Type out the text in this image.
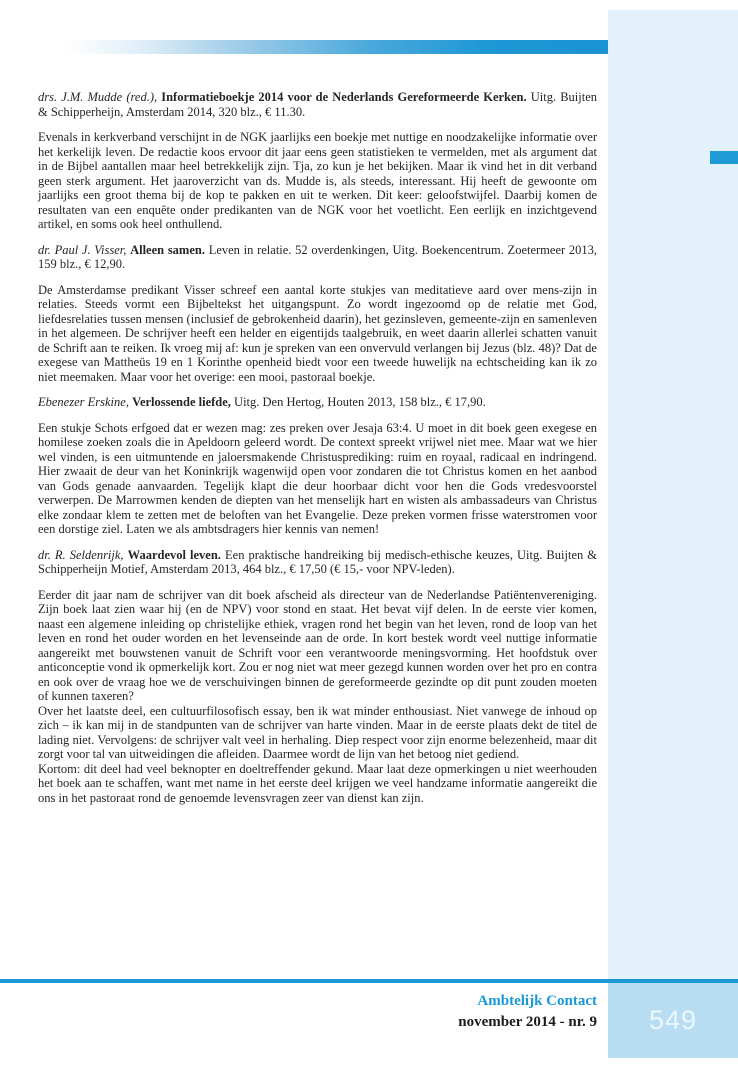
drs. J.M. Mudde (red.), Informatieboekje 2014 voor de Nederlands Gereformeerde Kerken. Uitg. Buijten & Schipperheijn, Amsterdam 2014, 320 blz., € 11.30.

Evenals in kerkverband verschijnt in de NGK jaarlijks een boekje met nuttige en noodzakelijke informatie over het kerkelijk leven. De redactie koos ervoor dit jaar eens geen statistieken te vermelden, met als argument dat in de Bijbel aantallen maar heel betrekkelijk zijn. Tja, zo kun je het bekijken. Maar ik vind het in dit verband geen sterk argument. Het jaaroverzicht van ds. Mudde is, als steeds, interessant. Hij heeft de gewoonte om jaarlijks een groot thema bij de kop te pakken en uit te werken. Dit keer: geloofstwijfel. Daarbij komen de resultaten van een enquête onder predikanten van de NGK voor het voetlicht. Een eerlijk en inzichtgevend artikel, en soms ook heel onthullend.

dr. Paul J. Visser, Alleen samen. Leven in relatie. 52 overdenkingen, Uitg. Boekencentrum. Zoetermeer 2013, 159 blz., € 12,90.

De Amsterdamse predikant Visser schreef een aantal korte stukjes van meditatieve aard over mens-zijn in relaties. Steeds vormt een Bijbeltekst het uitgangspunt. Zo wordt ingezoomd op de relatie met God, liefdesrelaties tussen mensen (inclusief de gebrokenheid daarin), het gezinsleven, gemeente-zijn en samenleven in het algemeen. De schrijver heeft een helder en eigentijds taalgebruik, en weet daarin allerlei schatten vanuit de Schrift aan te reiken. Ik vroeg mij af: kun je spreken van een onvervuld verlangen bij Jezus (blz. 48)? Dat de exegese van Mattheüs 19 en 1 Korinthe openheid biedt voor een tweede huwelijk na echtscheiding kan ik zo niet meemaken. Maar voor het overige: een mooi, pastoraal boekje.

Ebenezer Erskine, Verlossende liefde, Uitg. Den Hertog, Houten 2013, 158 blz., € 17,90.

Een stukje Schots erfgoed dat er wezen mag: zes preken over Jesaja 63:4. U moet in dit boek geen exegese en homilese zoeken zoals die in Apeldoorn geleerd wordt. De context spreekt vrijwel niet mee. Maar wat we hier wel vinden, is een uitmuntende en jaloersmakende Christusprediking: ruim en royaal, radicaal en indringend. Hier zwaait de deur van het Koninkrijk wagenwijd open voor zondaren die tot Christus komen en het aanbod van Gods genade aanvaarden. Tegelijk klapt die deur hoorbaar dicht voor hen die Gods vredesvoorstel verwerpen. De Marrowmen kenden de diepten van het menselijk hart en wisten als ambassadeurs van Christus elke zondaar klem te zetten met de beloften van het Evangelie. Deze preken vormen frisse waterstromen voor een dorstige ziel. Laten we als ambtsdragers hier kennis van nemen!

dr. R. Seldenrijk, Waardevol leven. Een praktische handreiking bij medisch-ethische keuzes, Uitg. Buijten & Schipperheijn Motief, Amsterdam 2013, 464 blz., € 17,50 (€ 15,- voor NPV-leden).

Eerder dit jaar nam de schrijver van dit boek afscheid als directeur van de Nederlandse Patiëntenvereniging. Zijn boek laat zien waar hij (en de NPV) voor stond en staat. Het bevat vijf delen. In de eerste vier komen, naast een algemene inleiding op christelijke ethiek, vragen rond het begin van het leven, rond de loop van het leven en rond het ouder worden en het levenseinde aan de orde. In kort bestek wordt veel nuttige informatie aangereikt met bouwstenen vanuit de Schrift voor een verantwoorde meningsvorming. Het hoofdstuk over anticonceptie vond ik opmerkelijk kort. Zou er nog niet wat meer gezegd kunnen worden over het pro en contra en ook over de vraag hoe we de verschuivingen binnen de gereformeerde gezindte op dit punt zouden moeten of kunnen taxeren?

Over het laatste deel, een cultuurfilosofisch essay, ben ik wat minder enthousiast. Niet vanwege de inhoud op zich – ik kan mij in de standpunten van de schrijver van harte vinden. Maar in de eerste plaats dekt de titel de lading niet. Vervolgens: de schrijver valt veel in herhaling. Diep respect voor zijn enorme belezenheid, maar dit zorgt voor tal van uitweidingen die afleiden. Daarmee wordt de lijn van het betoog niet gediend.

Kortom: dit deel had veel beknopter en doeltreffender gekund. Maar laat deze opmerkingen u niet weerhouden het boek aan te schaffen, want met name in het eerste deel krijgen we veel handzame informatie aangereikt die ons in het pastoraat rond de genoemde levensvragen zeer van dienst kan zijn.

Ambtelijk Contact
november 2014 - nr. 9 549
